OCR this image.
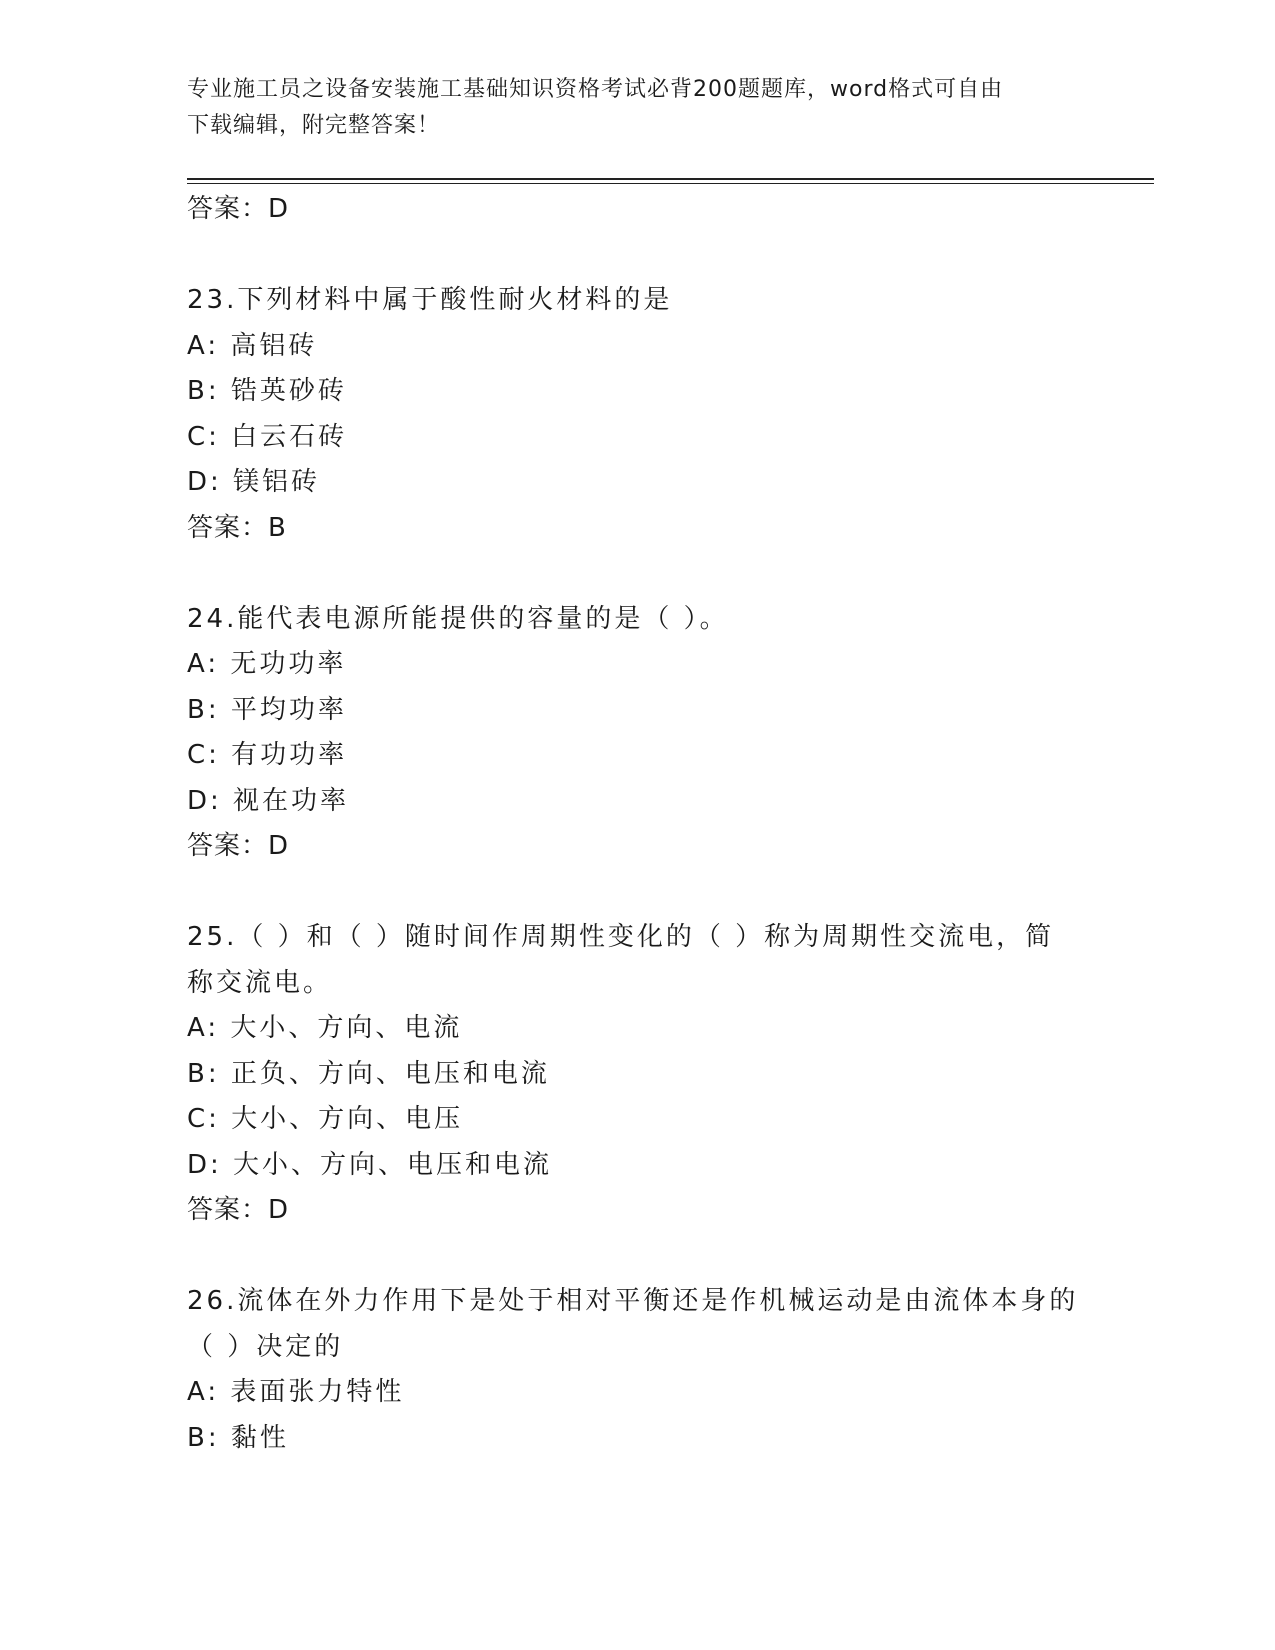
专业施工员之设备安装施工基础知识资格考试必背200题题库，word格式可自由
下载编辑，附完整答案！
答案：D
23.下列材料中属于酸性耐火材料的是
A: 高铝砖
B: 锆英砂砖
C: 白云石砖
D: 镁铝砖
答案：B
24.能代表电源所能提供的容量的是（ ）。
A: 无功功率
B: 平均功率
C: 有功功率
D: 视在功率
答案：D
25.（ ）和（ ）随时间作周期性变化的（ ）称为周期性交流电，简
称交流电。
A: 大小、方向、电流
B: 正负、方向、电压和电流
C: 大小、方向、电压
D: 大小、方向、电压和电流
答案：D
26.流体在外力作用下是处于相对平衡还是作机械运动是由流体本身的
（ ）决定的
A: 表面张力特性
B: 黏性
